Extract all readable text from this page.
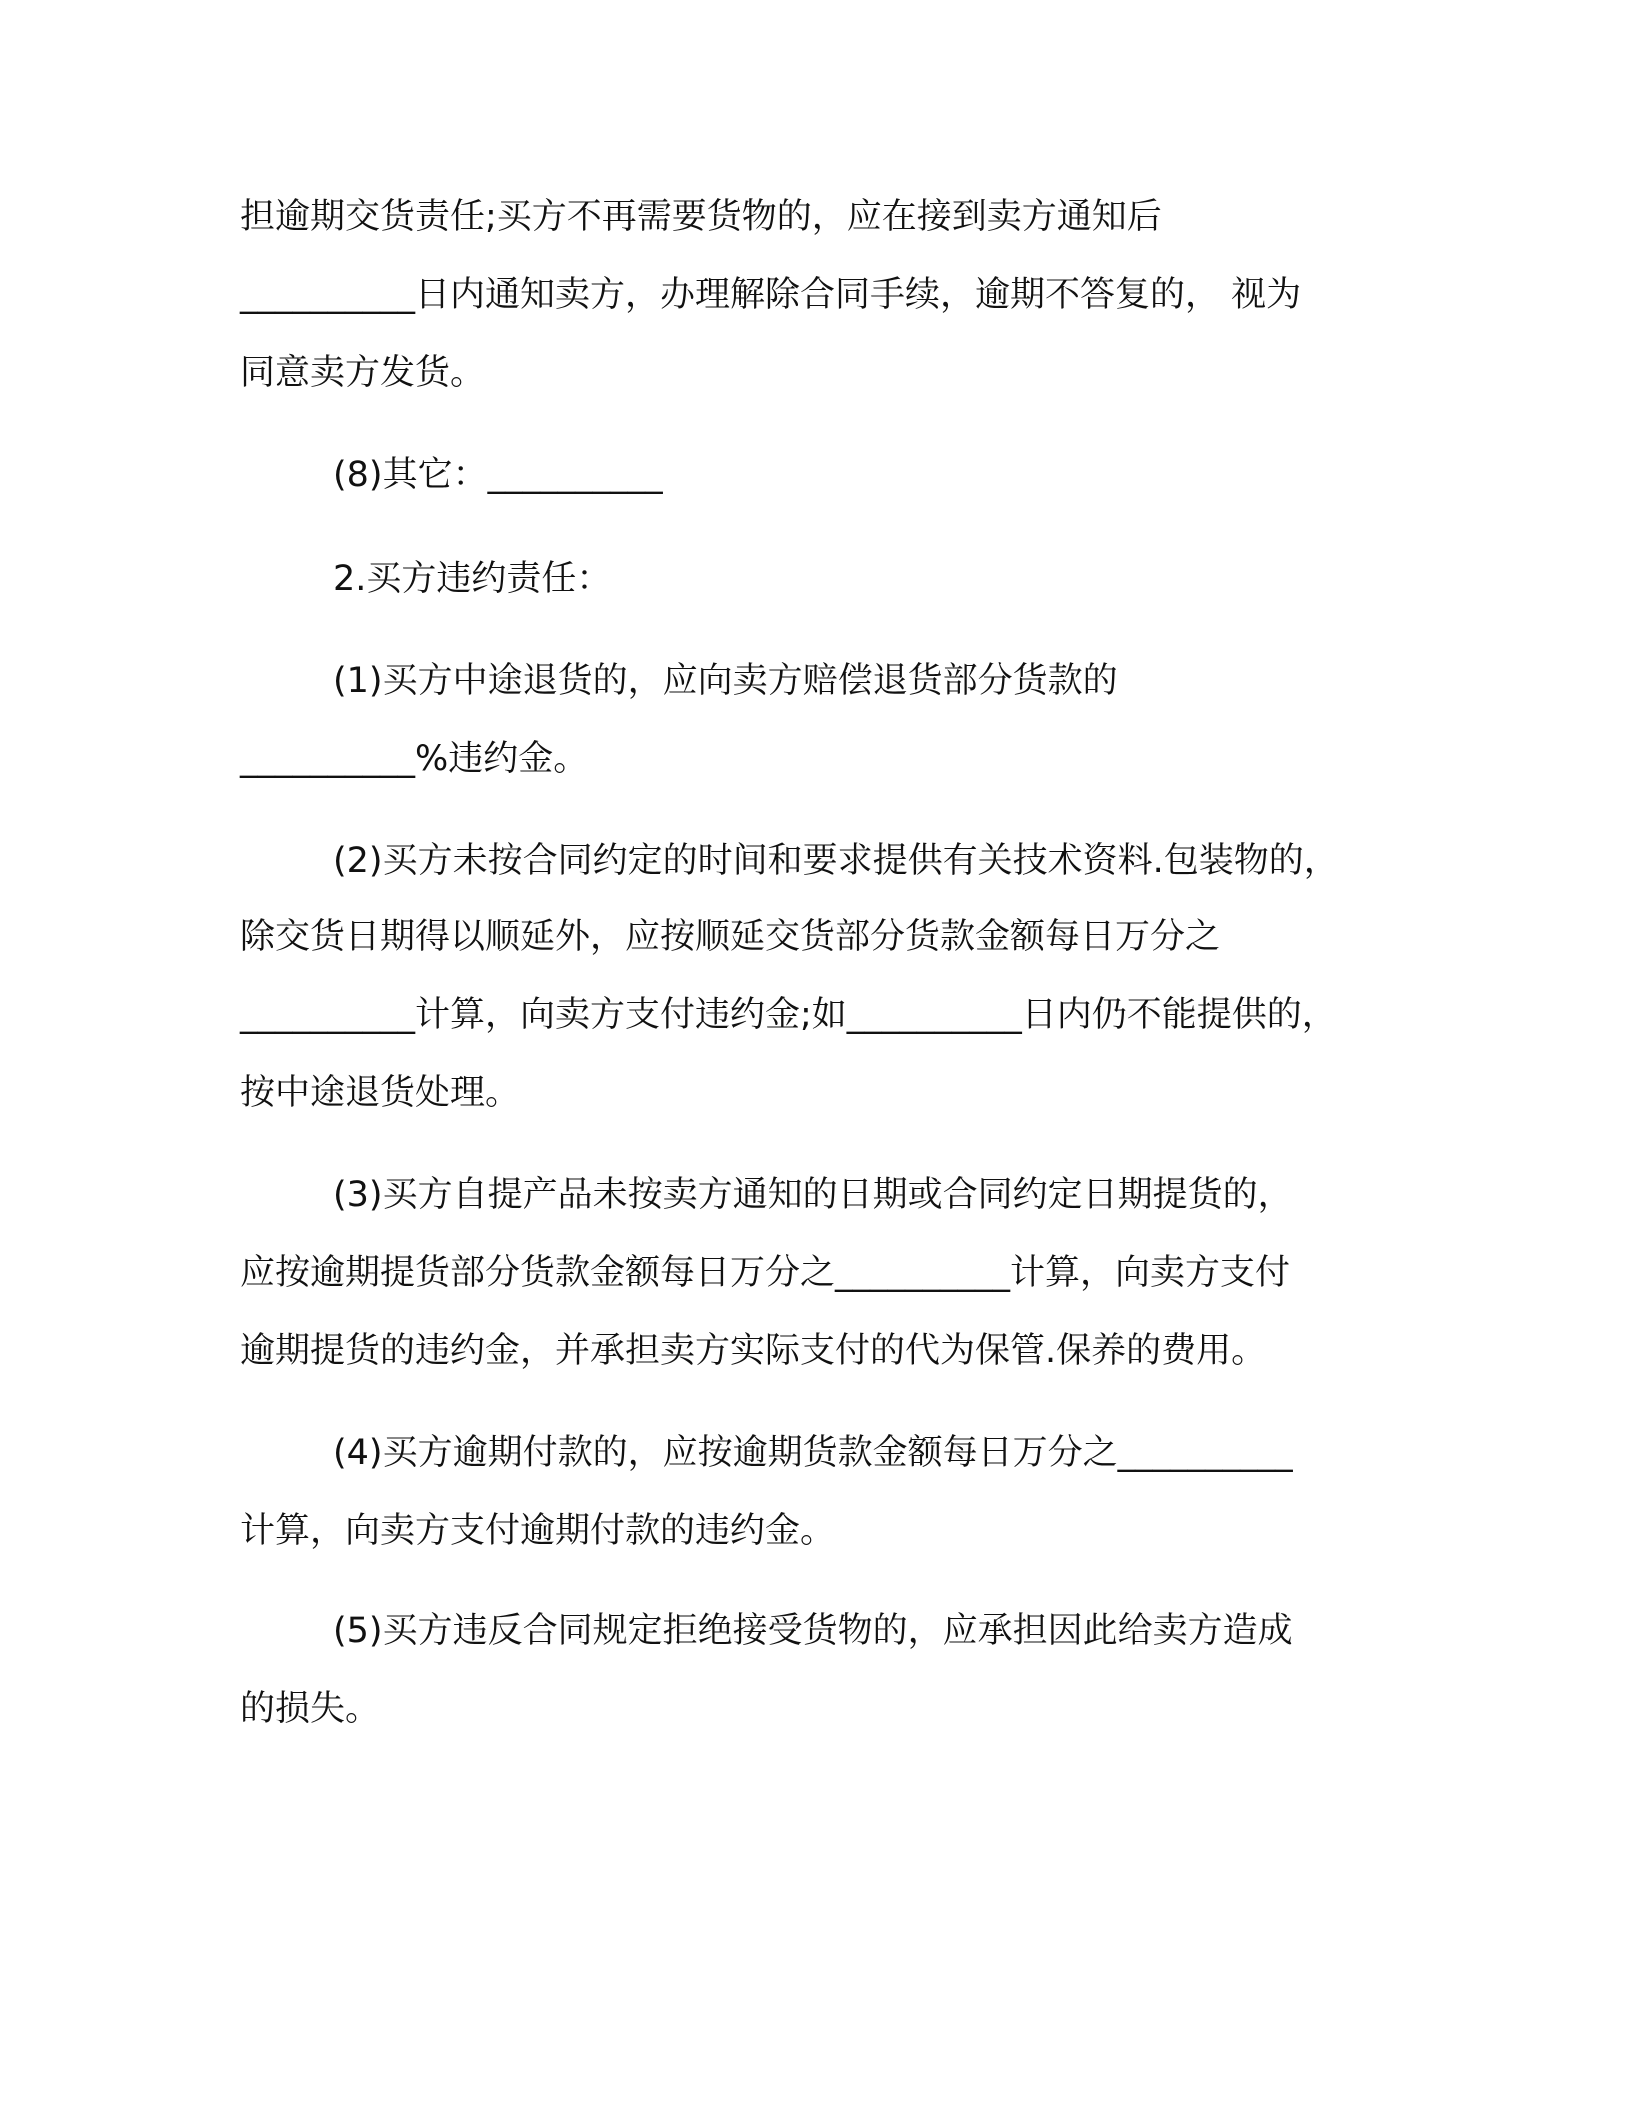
担逾期交货责任;买方不再需要货物的，应在接到卖方通知后

__________日内通知卖方，办理解除合同手续，逾期不答复的， 视为

同意卖方发货。

(8)其它：__________

2.买方违约责任：

(1)买方中途退货的，应向卖方赔偿退货部分货款的

__________%违约金。

(2)买方未按合同约定的时间和要求提供有关技术资料.包装物的，

除交货日期得以顺延外，应按顺延交货部分货款金额每日万分之

__________计算，向卖方支付违约金;如__________日内仍不能提供的，

按中途退货处理。

(3)买方自提产品未按卖方通知的日期或合同约定日期提货的，

应按逾期提货部分货款金额每日万分之__________计算，向卖方支付

逾期提货的违约金，并承担卖方实际支付的代为保管.保养的费用。

(4)买方逾期付款的，应按逾期货款金额每日万分之__________

计算，向卖方支付逾期付款的违约金。

(5)买方违反合同规定拒绝接受货物的，应承担因此给卖方造成

的损失。
